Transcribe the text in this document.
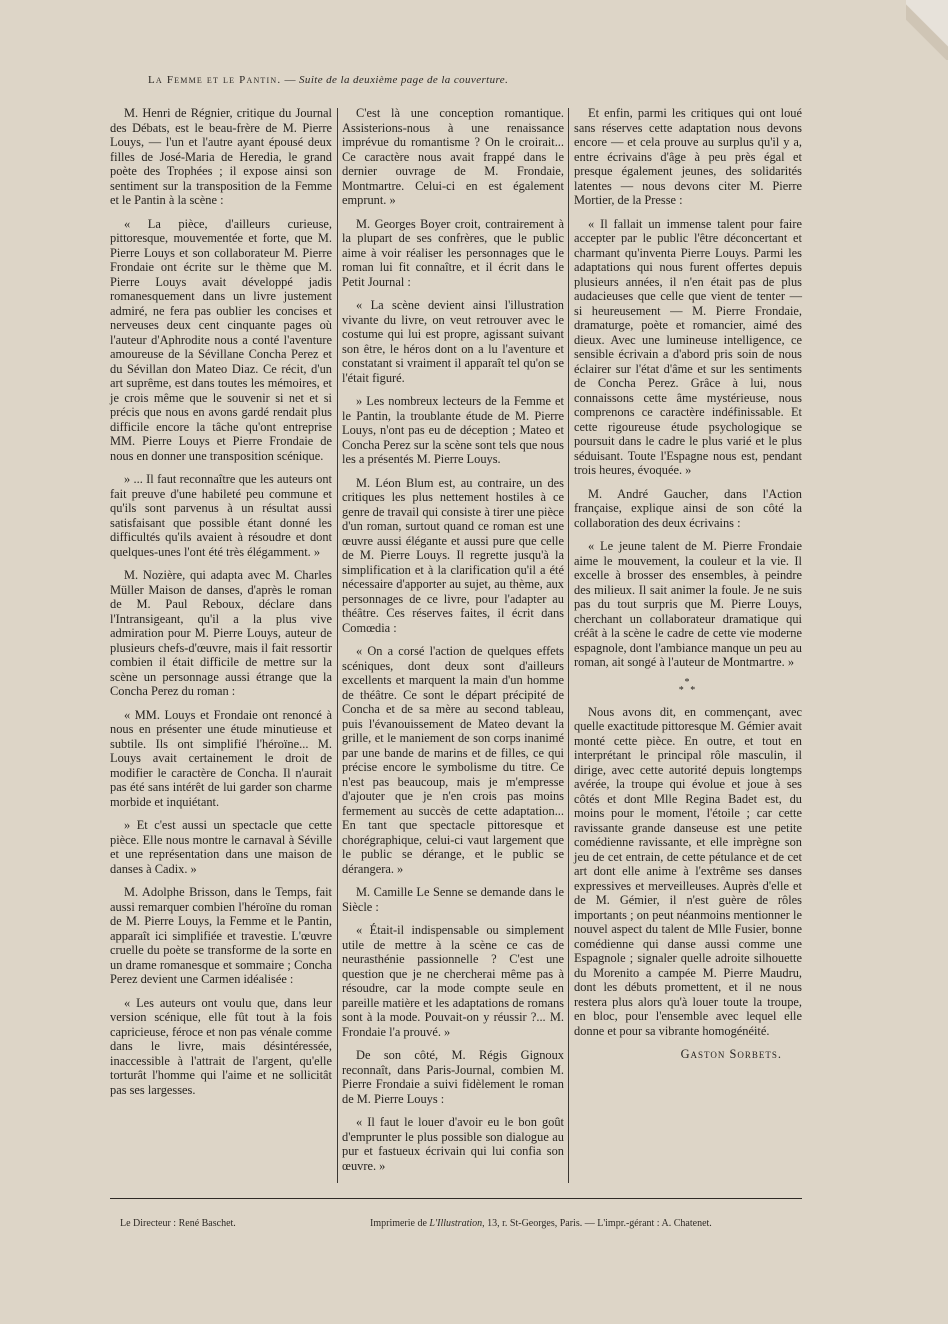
La Femme et le Pantin. — Suite de la deuxième page de la couverture.

M. Henri de Régnier, critique du Journal des Débats, est le beau-frère de M. Pierre Louys, — l'un et l'autre ayant épousé deux filles de José-Maria de Heredia, le grand poète des Trophées ; il expose ainsi son sentiment sur la transposition de la Femme et le Pantin à la scène :

« La pièce, d'ailleurs curieuse, pittoresque, mouvementée et forte, que M. Pierre Louys et son collaborateur M. Pierre Frondaie ont écrite sur le thème que M. Pierre Louys avait développé jadis romanesquement dans un livre justement admiré, ne fera pas oublier les concises et nerveuses deux cent cinquante pages où l'auteur d'Aphrodite nous a conté l'aventure amoureuse de la Sévillane Concha Perez et du Sévillan don Mateo Diaz. Ce récit, d'un art suprême, est dans toutes les mémoires, et je crois même que le souvenir si net et si précis que nous en avons gardé rendait plus difficile encore la tâche qu'ont entreprise MM. Pierre Louys et Pierre Frondaie de nous en donner une transposition scénique.

» ... Il faut reconnaître que les auteurs ont fait preuve d'une habileté peu commune et qu'ils sont parvenus à un résultat aussi satisfaisant que possible étant donné les difficultés qu'ils avaient à résoudre et dont quelques-unes l'ont été très élégamment. »

M. Nozière, qui adapta avec M. Charles Müller Maison de danses, d'après le roman de M. Paul Reboux, déclare dans l'Intransigeant, qu'il a la plus vive admiration pour M. Pierre Louys, auteur de plusieurs chefs-d'œuvre, mais il fait ressortir combien il était difficile de mettre sur la scène un personnage aussi étrange que la Concha Perez du roman :

« MM. Louys et Frondaie ont renoncé à nous en présenter une étude minutieuse et subtile. Ils ont simplifié l'héroïne... M. Louys avait certainement le droit de modifier le caractère de Concha. Il n'aurait pas été sans intérêt de lui garder son charme morbide et inquiétant.

» Et c'est aussi un spectacle que cette pièce. Elle nous montre le carnaval à Séville et une représentation dans une maison de danses à Cadix. »

M. Adolphe Brisson, dans le Temps, fait aussi remarquer combien l'héroïne du roman de M. Pierre Louys, la Femme et le Pantin, apparaît ici simplifiée et travestie. L'œuvre cruelle du poète se transforme de la sorte en un drame romanesque et sommaire ; Concha Perez devient une Carmen idéalisée :

« Les auteurs ont voulu que, dans leur version scénique, elle fût tout à la fois capricieuse, féroce et non pas vénale comme dans le livre, mais désintéressée, inaccessible à l'attrait de l'argent, qu'elle torturât l'homme qui l'aime et ne sollicitât pas ses largesses.

C'est là une conception romantique. Assisterions-nous à une renaissance imprévue du romantisme ? On le croirait... Ce caractère nous avait frappé dans le dernier ouvrage de M. Frondaie, Montmartre. Celui-ci en est également emprunt. »

M. Georges Boyer croit, contrairement à la plupart de ses confrères, que le public aime à voir réaliser les personnages que le roman lui fit connaître, et il écrit dans le Petit Journal :

« La scène devient ainsi l'illustration vivante du livre, on veut retrouver avec le costume qui lui est propre, agissant suivant son être, le héros dont on a lu l'aventure et constatant si vraiment il apparaît tel qu'on se l'était figuré.

» Les nombreux lecteurs de la Femme et le Pantin, la troublante étude de M. Pierre Louys, n'ont pas eu de déception ; Mateo et Concha Perez sur la scène sont tels que nous les a présentés M. Pierre Louys.

M. Léon Blum est, au contraire, un des critiques les plus nettement hostiles à ce genre de travail qui consiste à tirer une pièce d'un roman, surtout quand ce roman est une œuvre aussi élégante et aussi pure que celle de M. Pierre Louys. Il regrette jusqu'à la simplification et à la clarification qu'il a été nécessaire d'apporter au sujet, au thème, aux personnages de ce livre, pour l'adapter au théâtre. Ces réserves faites, il écrit dans Comœdia :

« On a corsé l'action de quelques effets scéniques, dont deux sont d'ailleurs excellents et marquent la main d'un homme de théâtre. Ce sont le départ précipité de Concha et de sa mère au second tableau, puis l'évanouissement de Mateo devant la grille, et le maniement de son corps inanimé par une bande de marins et de filles, ce qui précise encore le symbolisme du titre. Ce n'est pas beaucoup, mais je m'empresse d'ajouter que je n'en crois pas moins fermement au succès de cette adaptation... En tant que spectacle pittoresque et chorégraphique, celui-ci vaut largement que le public se dérange, et le public se dérangera. »

M. Camille Le Senne se demande dans le Siècle :

« Était-il indispensable ou simplement utile de mettre à la scène ce cas de neurasthénie passionnelle ? C'est une question que je ne chercherai même pas à résoudre, car la mode compte seule en pareille matière et les adaptations de romans sont à la mode. Pouvait-on y réussir ?... M. Frondaie l'a prouvé. »

De son côté, M. Régis Gignoux reconnaît, dans Paris-Journal, combien M. Pierre Frondaie a suivi fidèlement le roman de M. Pierre Louys :

« Il faut le louer d'avoir eu le bon goût d'emprunter le plus possible son dialogue au pur et fastueux écrivain qui lui confia son œuvre. »

Et enfin, parmi les critiques qui ont loué sans réserves cette adaptation nous devons encore — et cela prouve au surplus qu'il y a, entre écrivains d'âge à peu près égal et presque également jeunes, des solidarités latentes — nous devons citer M. Pierre Mortier, de la Presse :

« Il fallait un immense talent pour faire accepter par le public l'être déconcertant et charmant qu'inventa Pierre Louys. Parmi les adaptations qui nous furent offertes depuis plusieurs années, il n'en était pas de plus audacieuses que celle que vient de tenter — si heureusement — M. Pierre Frondaie, dramaturge, poète et romancier, aimé des dieux. Avec une lumineuse intelligence, ce sensible écrivain a d'abord pris soin de nous éclairer sur l'état d'âme et sur les sentiments de Concha Perez. Grâce à lui, nous connaissons cette âme mystérieuse, nous comprenons ce caractère indéfinissable. Et cette rigoureuse étude psychologique se poursuit dans le cadre le plus varié et le plus séduisant. Toute l'Espagne nous est, pendant trois heures, évoquée. »

M. André Gaucher, dans l'Action française, explique ainsi de son côté la collaboration des deux écrivains :

« Le jeune talent de M. Pierre Frondaie aime le mouvement, la couleur et la vie. Il excelle à brosser des ensembles, à peindre des milieux. Il sait animer la foule. Je ne suis pas du tout surpris que M. Pierre Louys, cherchant un collaborateur dramatique qui créât à la scène le cadre de cette vie moderne espagnole, dont l'ambiance manque un peu au roman, ait songé à l'auteur de Montmartre. »

*
* *

Nous avons dit, en commençant, avec quelle exactitude pittoresque M. Gémier avait monté cette pièce. En outre, et tout en interprétant le principal rôle masculin, il dirige, avec cette autorité depuis longtemps avérée, la troupe qui évolue et joue à ses côtés et dont Mlle Regina Badet est, du moins pour le moment, l'étoile ; car cette ravissante grande danseuse est une petite comédienne ravissante, et elle imprègne son jeu de cet entrain, de cette pétulance et de cet art dont elle anime à l'extrême ses danses expressives et merveilleuses. Auprès d'elle et de M. Gémier, il n'est guère de rôles importants ; on peut néanmoins mentionner le nouvel aspect du talent de Mlle Fusier, bonne comédienne qui danse aussi comme une Espagnole ; signaler quelle adroite silhouette du Morenito a campée M. Pierre Maudru, dont les débuts promettent, et il ne nous restera plus alors qu'à louer toute la troupe, en bloc, pour l'ensemble avec lequel elle donne et pour sa vibrante homogénéité.

Gaston Sorbets.
Le Directeur : René Baschet.	Imprimerie de L'Illustration, 13, r. St-Georges, Paris. — L'impr.-gérant : A. Chatenet.
